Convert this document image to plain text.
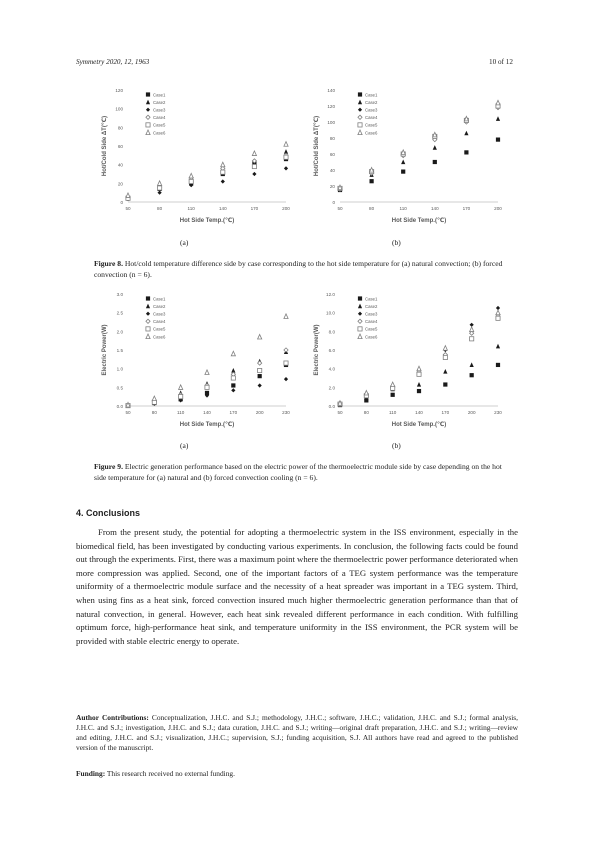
Symmetry 2020, 12, 1963	10 of 12
0
20
40
60
80
100
120
50	80	110	140	170	200
Hot Side Temp.(℃)
Hot/Cold Side ΔT(℃)
Case1
Case2
Case3
Case4
Case5
Case6
0
20
40
60
80
100
120
140
50	80	110	140	170	200
Hot Side Temp.(℃)
Hot/Cold Side ΔT(℃)
Case1
Case2
Case3
Case4
Case5
Case6
(a)	(b)
Figure 8. Hot/cold temperature difference side by case corresponding to the hot side temperature for (a) natural convection; (b) forced convection (n = 6).
0.0
0.5
1.0
1.5
2.0
2.5
3.0
50	80	110	140	170	200	230
Hot Side Temp.(℃)
Electric Power(W)
Case1
Case2
Case3
Case4
Case5
Case6
0.0
2.0
4.0
6.0
8.0
10.0
12.0
50	80	110	140	170	200	230
Hot Side Temp.(℃)
Electric Power(W)
Case1
Case2
Case3
Case4
Case5
Case6
(a)	(b)
Figure 9. Electric generation performance based on the electric power of the thermoelectric module side by case depending on the hot side temperature for (a) natural and (b) forced convection cooling (n = 6).
4. Conclusions

From the present study, the potential for adopting a thermoelectric system in the ISS environment, especially in the biomedical field, has been investigated by conducting various experiments. In conclusion, the following facts could be found out through the experiments. First, there was a maximum point where the thermoelectric power performance deteriorated when more compression was applied. Second, one of the important factors of a TEG system performance was the temperature uniformity of a thermoelectric module surface and the necessity of a heat spreader was important in a TEG system. Third, when using fins as a heat sink, forced convection insured much higher thermoelectric generation performance than that of natural convection, in general. However, each heat sink revealed different performance in each condition. With fulfilling optimum force, high-performance heat sink, and temperature uniformity in the ISS environment, the PCR system will be provided with stable electric energy to operate.

Author Contributions: Conceptualization, J.H.C. and S.J.; methodology, J.H.C.; software, J.H.C.; validation, J.H.C. and S.J.; formal analysis, J.H.C. and S.J.; investigation, J.H.C. and S.J.; data curation, J.H.C. and S.J.; writing—original draft preparation, J.H.C. and S.J.; writing—review and editing, J.H.C. and S.J.; visualization, J.H.C.; supervision, S.J.; funding acquisition, S.J. All authors have read and agreed to the published version of the manuscript.

Funding: This research received no external funding.
